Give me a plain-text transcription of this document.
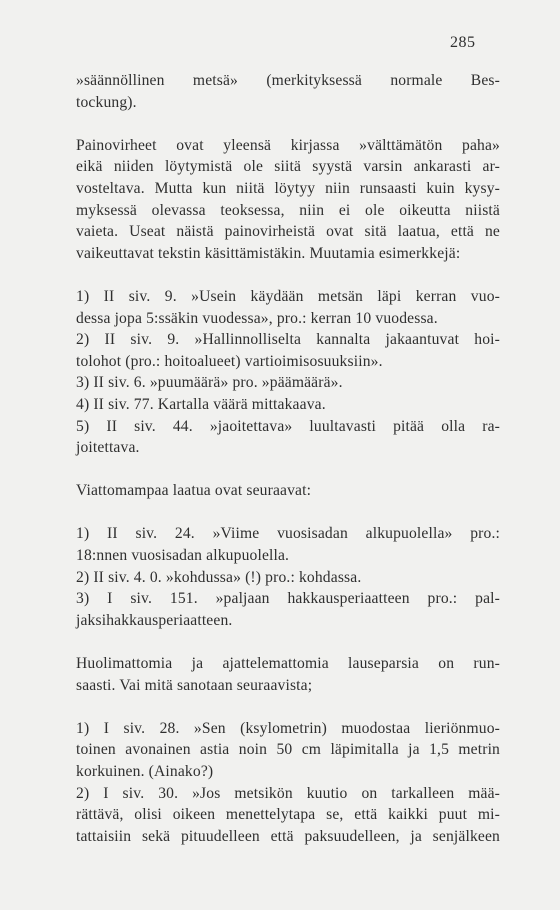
285

»säännöllinen metsä» (merkityksessä normale Bes-

tockung).

Painovirheet ovat yleensä kirjassa »välttämätön paha»

eikä niiden löytymistä ole siitä syystä varsin ankarasti ar-

vosteltava. Mutta kun niitä löytyy niin runsaasti kuin kysy-

myksessä olevassa teoksessa, niin ei ole oikeutta niistä

vaieta. Useat näistä painovirheistä ovat sitä laatua, että ne

vaikeuttavat tekstin käsittämistäkin. Muutamia esimerkkejä:

1) II siv. 9. »Usein käydään metsän läpi kerran vuo-

dessa jopa 5:ssäkin vuodessa», pro.: kerran 10 vuodessa.

2) II siv. 9. »Hallinnolliselta kannalta jakaantuvat hoi-

tolohot (pro.: hoitoalueet) vartioimisosuuksiin».

3) II siv. 6. »puumäärä» pro. »päämäärä».

4) II siv. 77. Kartalla väärä mittakaava.

5) II siv. 44. »jaoitettava» luultavasti pitää olla ra-

joitettava.

Viattomampaa laatua ovat seuraavat:

1) II siv. 24. »Viime vuosisadan alkupuolella» pro.:

18:nnen vuosisadan alkupuolella.

2) II siv. 4. 0. »kohdussa» (!) pro.: kohdassa.

3) I siv. 151. »paljaan hakkausperiaatteen pro.: pal-

jaksihakkausperiaatteen.

Huolimattomia ja ajattelemattomia lauseparsia on run-

saasti. Vai mitä sanotaan seuraavista;

1) I siv. 28. »Sen (ksylometrin) muodostaa lieriönmuo-

toinen avonainen astia noin 50 cm läpimitalla ja 1,5 metrin

korkuinen. (Ainako?)

2) I siv. 30. »Jos metsikön kuutio on tarkalleen mää-

rättävä, olisi oikeen menettelytapa se, että kaikki puut mi-

tattaisiin sekä pituudelleen että paksuudelleen, ja senjälkeen
